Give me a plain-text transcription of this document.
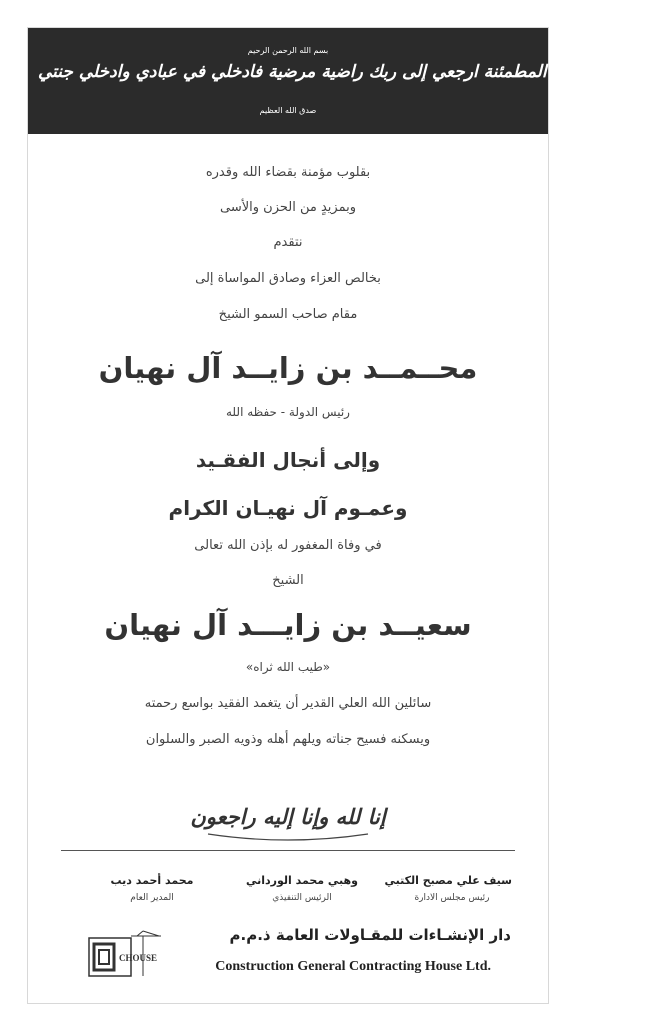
بسم الله الرحمن الرحيم
يا أيتها النفس المطمئنة ارجعي إلى ربك راضية مرضية فادخلي في عبادي وادخلي جنتي
صدق الله العظيم
بقلوب مؤمنة بقضاء الله وقدره
وبمزيدٍ من الحزن والأسى
نتقدم
بخالص العزاء وصادق المواساة إلى
مقام صاحب السمو الشيخ
محــمــد بن زايــد آل نهيان
رئيس الدولة - حفظه الله
وإلى أنجال الفقـيد
وعمـوم آل نهيـان الكرام
في وفاة المغفور له بإذن الله تعالى
الشيخ
سعيــد بن زايـــد آل نهيان
«طيب الله ثراه»
سائلين الله العلي القدير أن يتغمد الفقيد بواسع رحمته
ويسكنه فسيح جناته ويلهم أهله وذويه الصبر والسلوان
إنا لله وإنا إليه راجعون
سيف علي مصبح الكتبي
رئيس مجلس الادارة
وهبي محمد الورداني
الرئيس التنفيذي
محمد أحمد ديب
المدير العام
CHOUSE
دار الإنشـاءات للمقـاولات العامة ذ.م.م
Construction General Contracting House Ltd.
